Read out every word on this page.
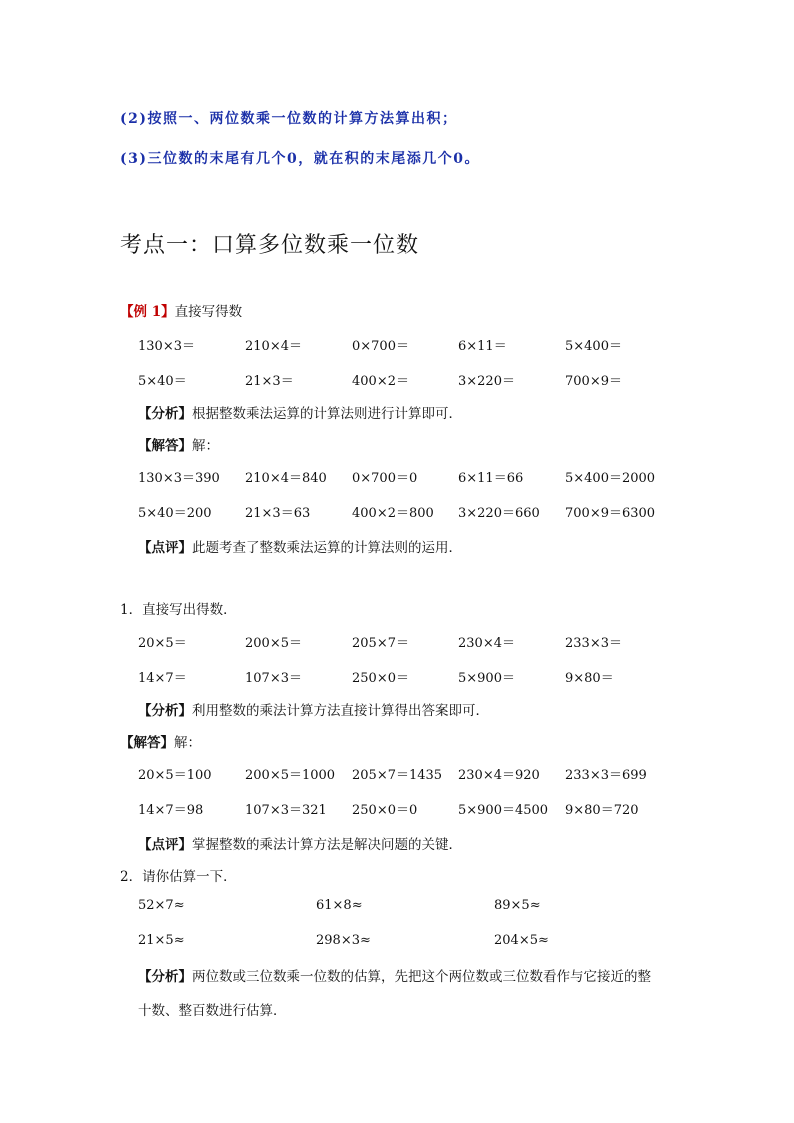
(2)按照一、两位数乘一位数的计算方法算出积；
(3)三位数的末尾有几个0，就在积的末尾添几个0。
考点一：口算多位数乘一位数
【例 1】直接写得数
130×3＝	210×4＝	0×700＝	6×11＝	5×400＝
5×40＝	21×3＝	400×2＝	3×220＝	700×9＝
【分析】根据整数乘法运算的计算法则进行计算即可．
【解答】解：
130×3＝390 210×4＝840 0×700＝0	6×11＝66	5×400＝2000
5×40＝200	21×3＝63	400×2＝800 3×220＝660 700×9＝6300
【点评】此题考查了整数乘法运算的计算法则的运用．
1．直接写出得数．
20×5＝	200×5＝	205×7＝	230×4＝	233×3＝
14×7＝	107×3＝	250×0＝	5×900＝	9×80＝
【分析】利用整数的乘法计算方法直接计算得出答案即可．
【解答】解：
20×5＝100	200×5＝1000 205×7＝1435 230×4＝920 233×3＝699
14×7＝98	107×3＝321 250×0＝0	5×900＝4500 9×80＝720
【点评】掌握整数的乘法计算方法是解决问题的关键．
2．请你估算一下．
52×7≈	61×8≈	89×5≈
21×5≈	298×3≈	204×5≈
【分析】两位数或三位数乘一位数的估算，先把这个两位数或三位数看作与它接近的整
十数、整百数进行估算．
